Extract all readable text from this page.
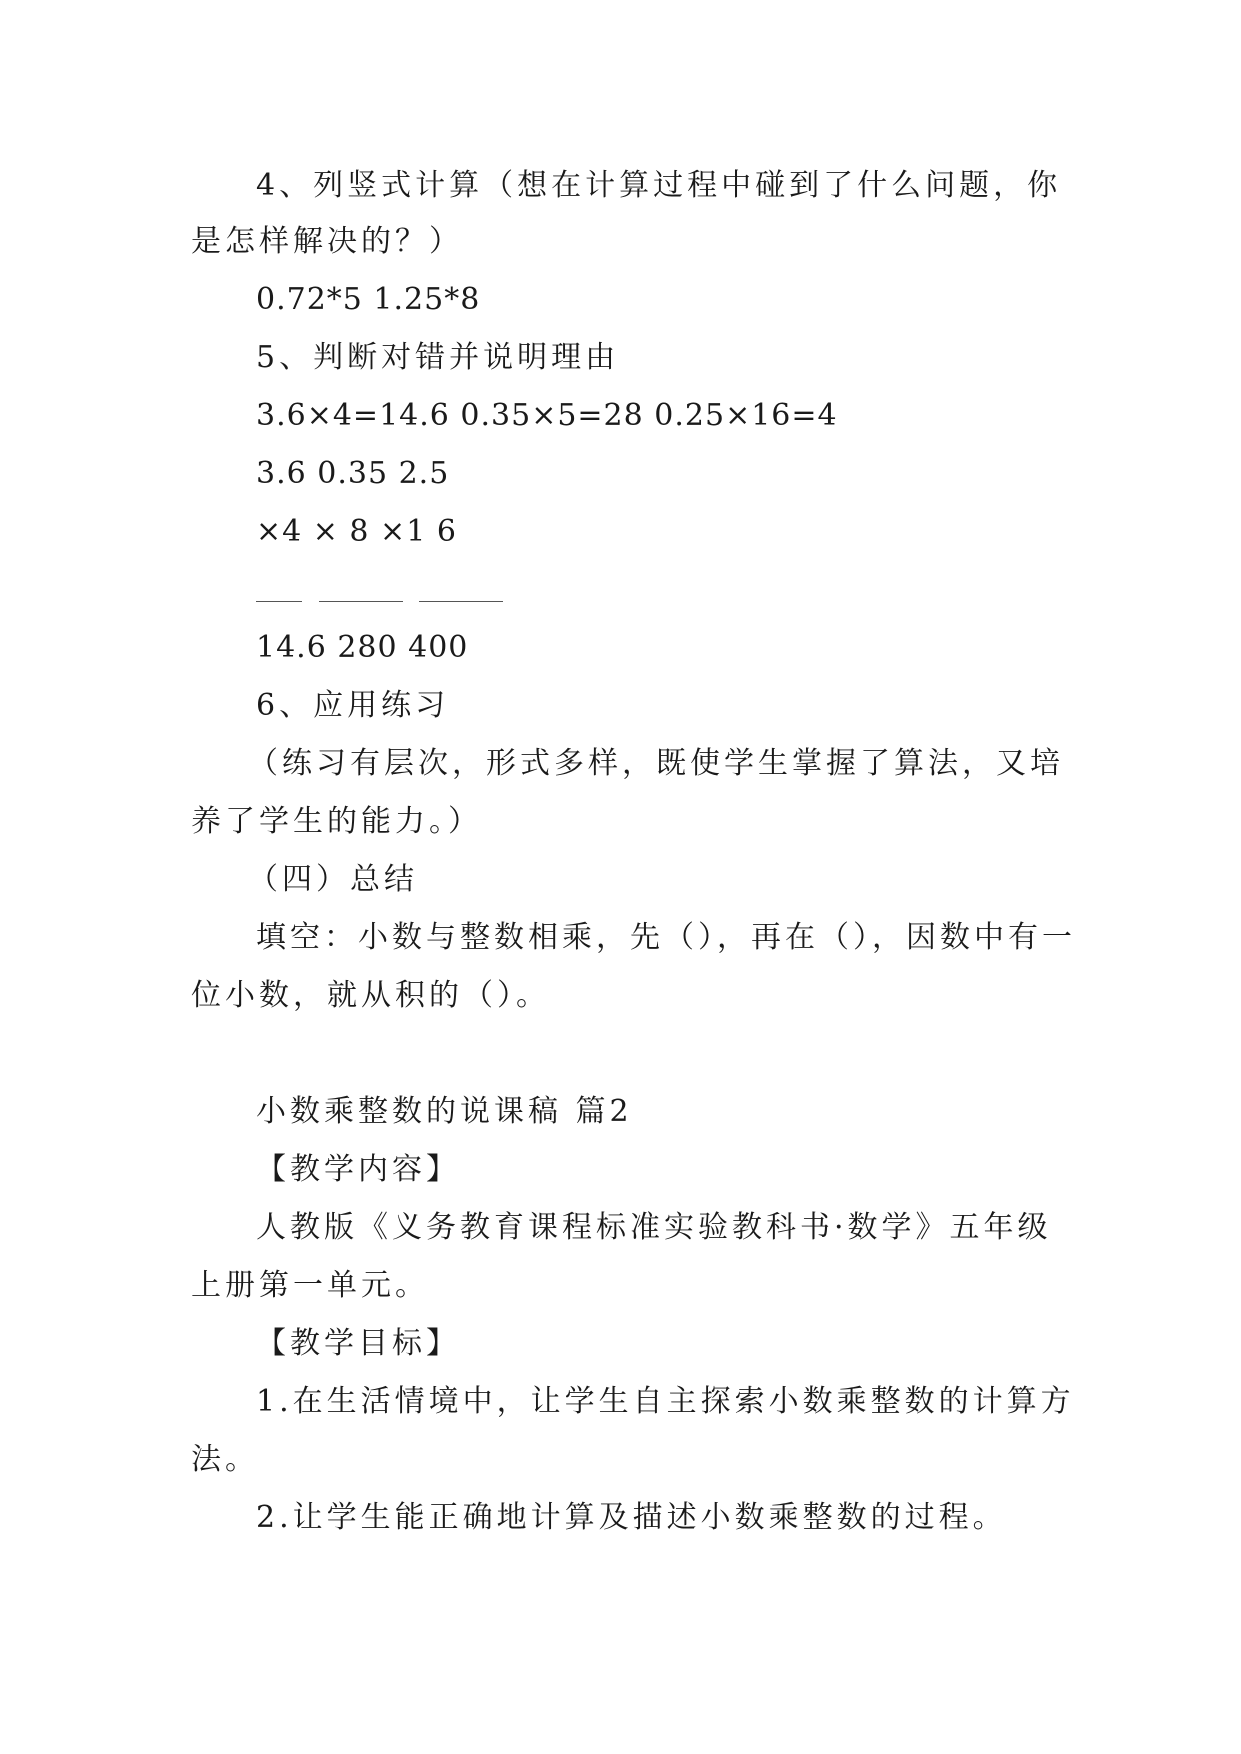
4、列竖式计算（想在计算过程中碰到了什么问题，你
是怎样解决的？）
0.72*5 1.25*8
5、判断对错并说明理由
3.6×4=14.6 0.35×5=28 0.25×16=4
3.6 0.35 2.5
×4 × 8 ×1 6
14.6 280 400
6、应用练习
（练习有层次，形式多样，既使学生掌握了算法，又培
养了学生的能力。）
（四）总结
填空：小数与整数相乘，先（），再在（），因数中有一
位小数，就从积的（）。
小数乘整数的说课稿 篇2
【教学内容】
人教版《义务教育课程标准实验教科书·数学》五年级
上册第一单元。
【教学目标】
1.在生活情境中，让学生自主探索小数乘整数的计算方
法。
2.让学生能正确地计算及描述小数乘整数的过程。
